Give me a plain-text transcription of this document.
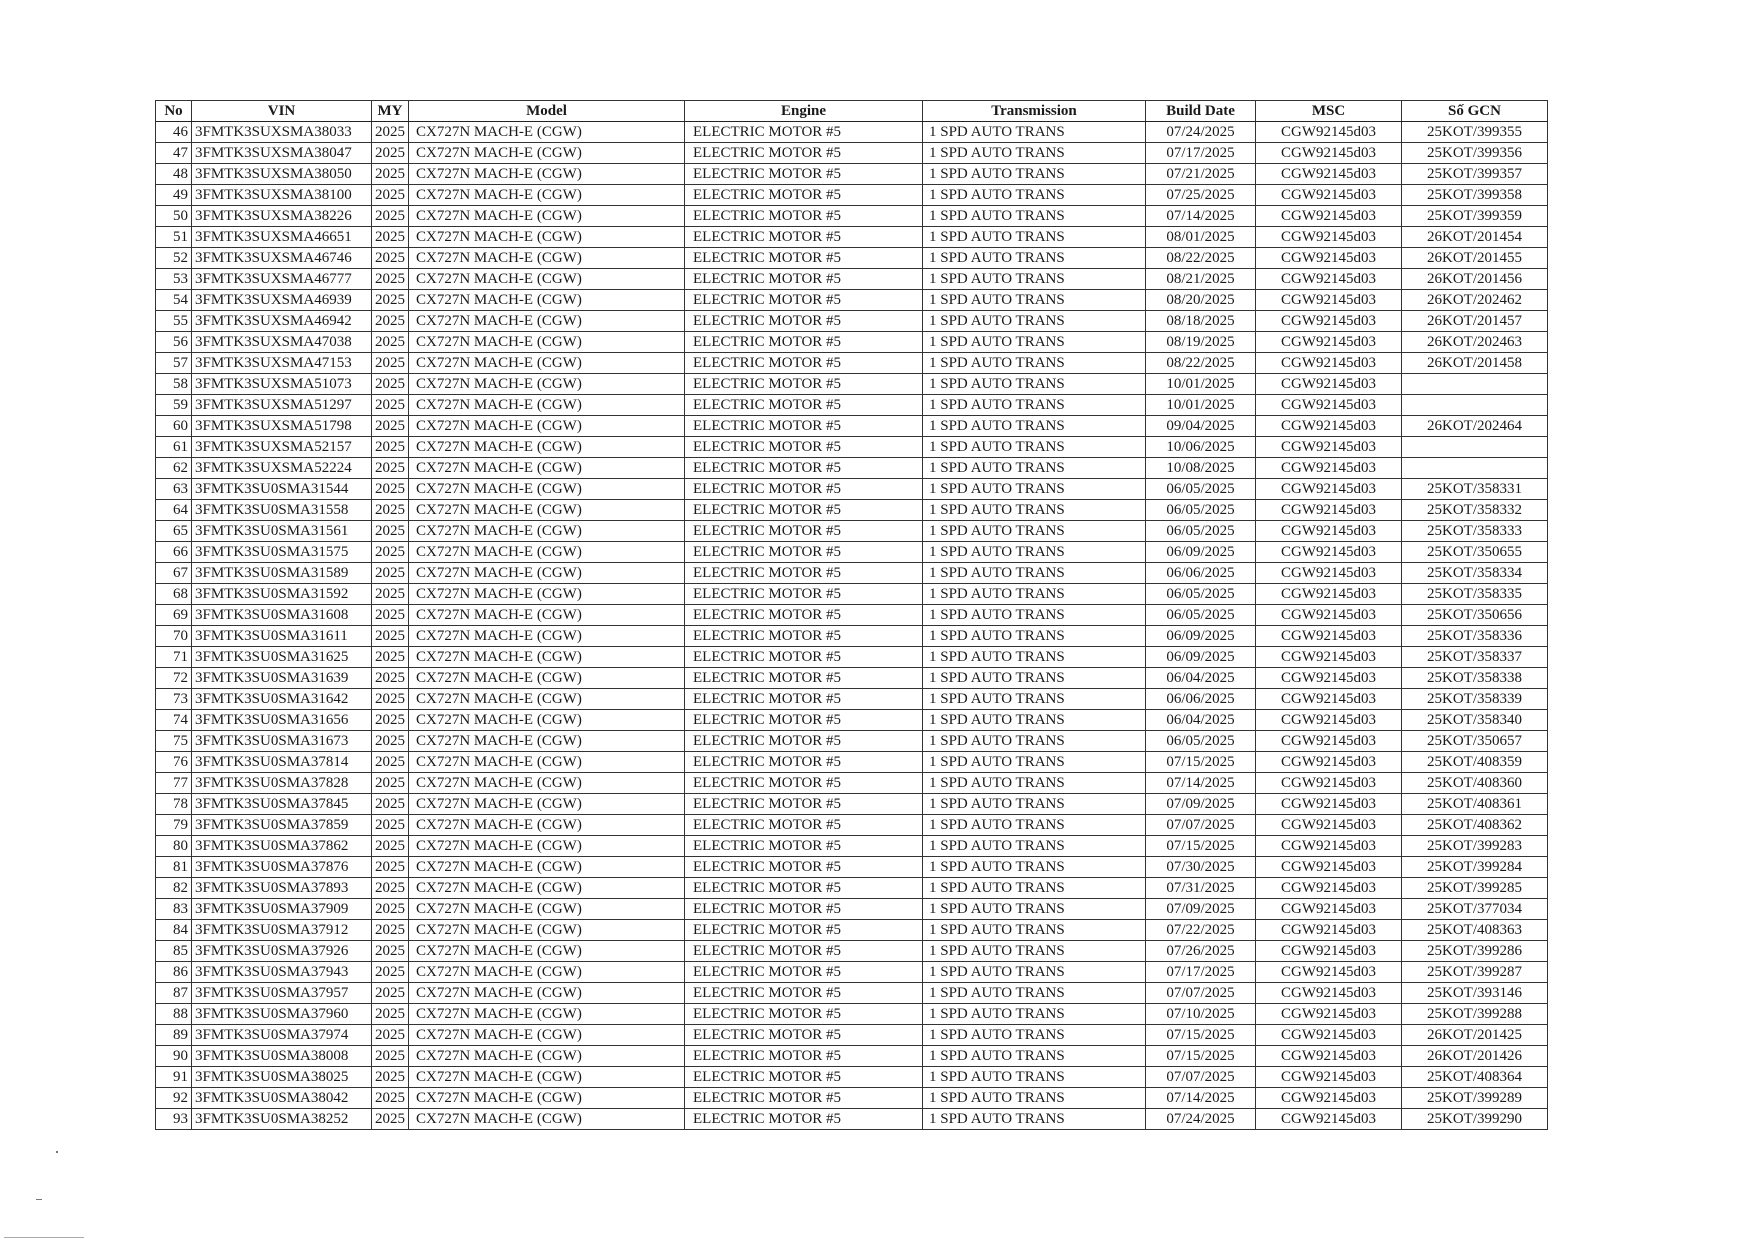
No	VIN	MY	Model	Engine	Transmission	Build Date	MSC	Số GCN
46	3FMTK3SUXSMA38033	2025	CX727N MACH-E (CGW)	ELECTRIC MOTOR #5	1 SPD AUTO TRANS	07/24/2025	CGW92145d03	25KOT/399355
47	3FMTK3SUXSMA38047	2025	CX727N MACH-E (CGW)	ELECTRIC MOTOR #5	1 SPD AUTO TRANS	07/17/2025	CGW92145d03	25KOT/399356
48	3FMTK3SUXSMA38050	2025	CX727N MACH-E (CGW)	ELECTRIC MOTOR #5	1 SPD AUTO TRANS	07/21/2025	CGW92145d03	25KOT/399357
49	3FMTK3SUXSMA38100	2025	CX727N MACH-E (CGW)	ELECTRIC MOTOR #5	1 SPD AUTO TRANS	07/25/2025	CGW92145d03	25KOT/399358
50	3FMTK3SUXSMA38226	2025	CX727N MACH-E (CGW)	ELECTRIC MOTOR #5	1 SPD AUTO TRANS	07/14/2025	CGW92145d03	25KOT/399359
51	3FMTK3SUXSMA46651	2025	CX727N MACH-E (CGW)	ELECTRIC MOTOR #5	1 SPD AUTO TRANS	08/01/2025	CGW92145d03	26KOT/201454
52	3FMTK3SUXSMA46746	2025	CX727N MACH-E (CGW)	ELECTRIC MOTOR #5	1 SPD AUTO TRANS	08/22/2025	CGW92145d03	26KOT/201455
53	3FMTK3SUXSMA46777	2025	CX727N MACH-E (CGW)	ELECTRIC MOTOR #5	1 SPD AUTO TRANS	08/21/2025	CGW92145d03	26KOT/201456
54	3FMTK3SUXSMA46939	2025	CX727N MACH-E (CGW)	ELECTRIC MOTOR #5	1 SPD AUTO TRANS	08/20/2025	CGW92145d03	26KOT/202462
55	3FMTK3SUXSMA46942	2025	CX727N MACH-E (CGW)	ELECTRIC MOTOR #5	1 SPD AUTO TRANS	08/18/2025	CGW92145d03	26KOT/201457
56	3FMTK3SUXSMA47038	2025	CX727N MACH-E (CGW)	ELECTRIC MOTOR #5	1 SPD AUTO TRANS	08/19/2025	CGW92145d03	26KOT/202463
57	3FMTK3SUXSMA47153	2025	CX727N MACH-E (CGW)	ELECTRIC MOTOR #5	1 SPD AUTO TRANS	08/22/2025	CGW92145d03	26KOT/201458
58	3FMTK3SUXSMA51073	2025	CX727N MACH-E (CGW)	ELECTRIC MOTOR #5	1 SPD AUTO TRANS	10/01/2025	CGW92145d03	
59	3FMTK3SUXSMA51297	2025	CX727N MACH-E (CGW)	ELECTRIC MOTOR #5	1 SPD AUTO TRANS	10/01/2025	CGW92145d03	
60	3FMTK3SUXSMA51798	2025	CX727N MACH-E (CGW)	ELECTRIC MOTOR #5	1 SPD AUTO TRANS	09/04/2025	CGW92145d03	26KOT/202464
61	3FMTK3SUXSMA52157	2025	CX727N MACH-E (CGW)	ELECTRIC MOTOR #5	1 SPD AUTO TRANS	10/06/2025	CGW92145d03	
62	3FMTK3SUXSMA52224	2025	CX727N MACH-E (CGW)	ELECTRIC MOTOR #5	1 SPD AUTO TRANS	10/08/2025	CGW92145d03	
63	3FMTK3SU0SMA31544	2025	CX727N MACH-E (CGW)	ELECTRIC MOTOR #5	1 SPD AUTO TRANS	06/05/2025	CGW92145d03	25KOT/358331
64	3FMTK3SU0SMA31558	2025	CX727N MACH-E (CGW)	ELECTRIC MOTOR #5	1 SPD AUTO TRANS	06/05/2025	CGW92145d03	25KOT/358332
65	3FMTK3SU0SMA31561	2025	CX727N MACH-E (CGW)	ELECTRIC MOTOR #5	1 SPD AUTO TRANS	06/05/2025	CGW92145d03	25KOT/358333
66	3FMTK3SU0SMA31575	2025	CX727N MACH-E (CGW)	ELECTRIC MOTOR #5	1 SPD AUTO TRANS	06/09/2025	CGW92145d03	25KOT/350655
67	3FMTK3SU0SMA31589	2025	CX727N MACH-E (CGW)	ELECTRIC MOTOR #5	1 SPD AUTO TRANS	06/06/2025	CGW92145d03	25KOT/358334
68	3FMTK3SU0SMA31592	2025	CX727N MACH-E (CGW)	ELECTRIC MOTOR #5	1 SPD AUTO TRANS	06/05/2025	CGW92145d03	25KOT/358335
69	3FMTK3SU0SMA31608	2025	CX727N MACH-E (CGW)	ELECTRIC MOTOR #5	1 SPD AUTO TRANS	06/05/2025	CGW92145d03	25KOT/350656
70	3FMTK3SU0SMA31611	2025	CX727N MACH-E (CGW)	ELECTRIC MOTOR #5	1 SPD AUTO TRANS	06/09/2025	CGW92145d03	25KOT/358336
71	3FMTK3SU0SMA31625	2025	CX727N MACH-E (CGW)	ELECTRIC MOTOR #5	1 SPD AUTO TRANS	06/09/2025	CGW92145d03	25KOT/358337
72	3FMTK3SU0SMA31639	2025	CX727N MACH-E (CGW)	ELECTRIC MOTOR #5	1 SPD AUTO TRANS	06/04/2025	CGW92145d03	25KOT/358338
73	3FMTK3SU0SMA31642	2025	CX727N MACH-E (CGW)	ELECTRIC MOTOR #5	1 SPD AUTO TRANS	06/06/2025	CGW92145d03	25KOT/358339
74	3FMTK3SU0SMA31656	2025	CX727N MACH-E (CGW)	ELECTRIC MOTOR #5	1 SPD AUTO TRANS	06/04/2025	CGW92145d03	25KOT/358340
75	3FMTK3SU0SMA31673	2025	CX727N MACH-E (CGW)	ELECTRIC MOTOR #5	1 SPD AUTO TRANS	06/05/2025	CGW92145d03	25KOT/350657
76	3FMTK3SU0SMA37814	2025	CX727N MACH-E (CGW)	ELECTRIC MOTOR #5	1 SPD AUTO TRANS	07/15/2025	CGW92145d03	25KOT/408359
77	3FMTK3SU0SMA37828	2025	CX727N MACH-E (CGW)	ELECTRIC MOTOR #5	1 SPD AUTO TRANS	07/14/2025	CGW92145d03	25KOT/408360
78	3FMTK3SU0SMA37845	2025	CX727N MACH-E (CGW)	ELECTRIC MOTOR #5	1 SPD AUTO TRANS	07/09/2025	CGW92145d03	25KOT/408361
79	3FMTK3SU0SMA37859	2025	CX727N MACH-E (CGW)	ELECTRIC MOTOR #5	1 SPD AUTO TRANS	07/07/2025	CGW92145d03	25KOT/408362
80	3FMTK3SU0SMA37862	2025	CX727N MACH-E (CGW)	ELECTRIC MOTOR #5	1 SPD AUTO TRANS	07/15/2025	CGW92145d03	25KOT/399283
81	3FMTK3SU0SMA37876	2025	CX727N MACH-E (CGW)	ELECTRIC MOTOR #5	1 SPD AUTO TRANS	07/30/2025	CGW92145d03	25KOT/399284
82	3FMTK3SU0SMA37893	2025	CX727N MACH-E (CGW)	ELECTRIC MOTOR #5	1 SPD AUTO TRANS	07/31/2025	CGW92145d03	25KOT/399285
83	3FMTK3SU0SMA37909	2025	CX727N MACH-E (CGW)	ELECTRIC MOTOR #5	1 SPD AUTO TRANS	07/09/2025	CGW92145d03	25KOT/377034
84	3FMTK3SU0SMA37912	2025	CX727N MACH-E (CGW)	ELECTRIC MOTOR #5	1 SPD AUTO TRANS	07/22/2025	CGW92145d03	25KOT/408363
85	3FMTK3SU0SMA37926	2025	CX727N MACH-E (CGW)	ELECTRIC MOTOR #5	1 SPD AUTO TRANS	07/26/2025	CGW92145d03	25KOT/399286
86	3FMTK3SU0SMA37943	2025	CX727N MACH-E (CGW)	ELECTRIC MOTOR #5	1 SPD AUTO TRANS	07/17/2025	CGW92145d03	25KOT/399287
87	3FMTK3SU0SMA37957	2025	CX727N MACH-E (CGW)	ELECTRIC MOTOR #5	1 SPD AUTO TRANS	07/07/2025	CGW92145d03	25KOT/393146
88	3FMTK3SU0SMA37960	2025	CX727N MACH-E (CGW)	ELECTRIC MOTOR #5	1 SPD AUTO TRANS	07/10/2025	CGW92145d03	25KOT/399288
89	3FMTK3SU0SMA37974	2025	CX727N MACH-E (CGW)	ELECTRIC MOTOR #5	1 SPD AUTO TRANS	07/15/2025	CGW92145d03	26KOT/201425
90	3FMTK3SU0SMA38008	2025	CX727N MACH-E (CGW)	ELECTRIC MOTOR #5	1 SPD AUTO TRANS	07/15/2025	CGW92145d03	26KOT/201426
91	3FMTK3SU0SMA38025	2025	CX727N MACH-E (CGW)	ELECTRIC MOTOR #5	1 SPD AUTO TRANS	07/07/2025	CGW92145d03	25KOT/408364
92	3FMTK3SU0SMA38042	2025	CX727N MACH-E (CGW)	ELECTRIC MOTOR #5	1 SPD AUTO TRANS	07/14/2025	CGW92145d03	25KOT/399289
93	3FMTK3SU0SMA38252	2025	CX727N MACH-E (CGW)	ELECTRIC MOTOR #5	1 SPD AUTO TRANS	07/24/2025	CGW92145d03	25KOT/399290
